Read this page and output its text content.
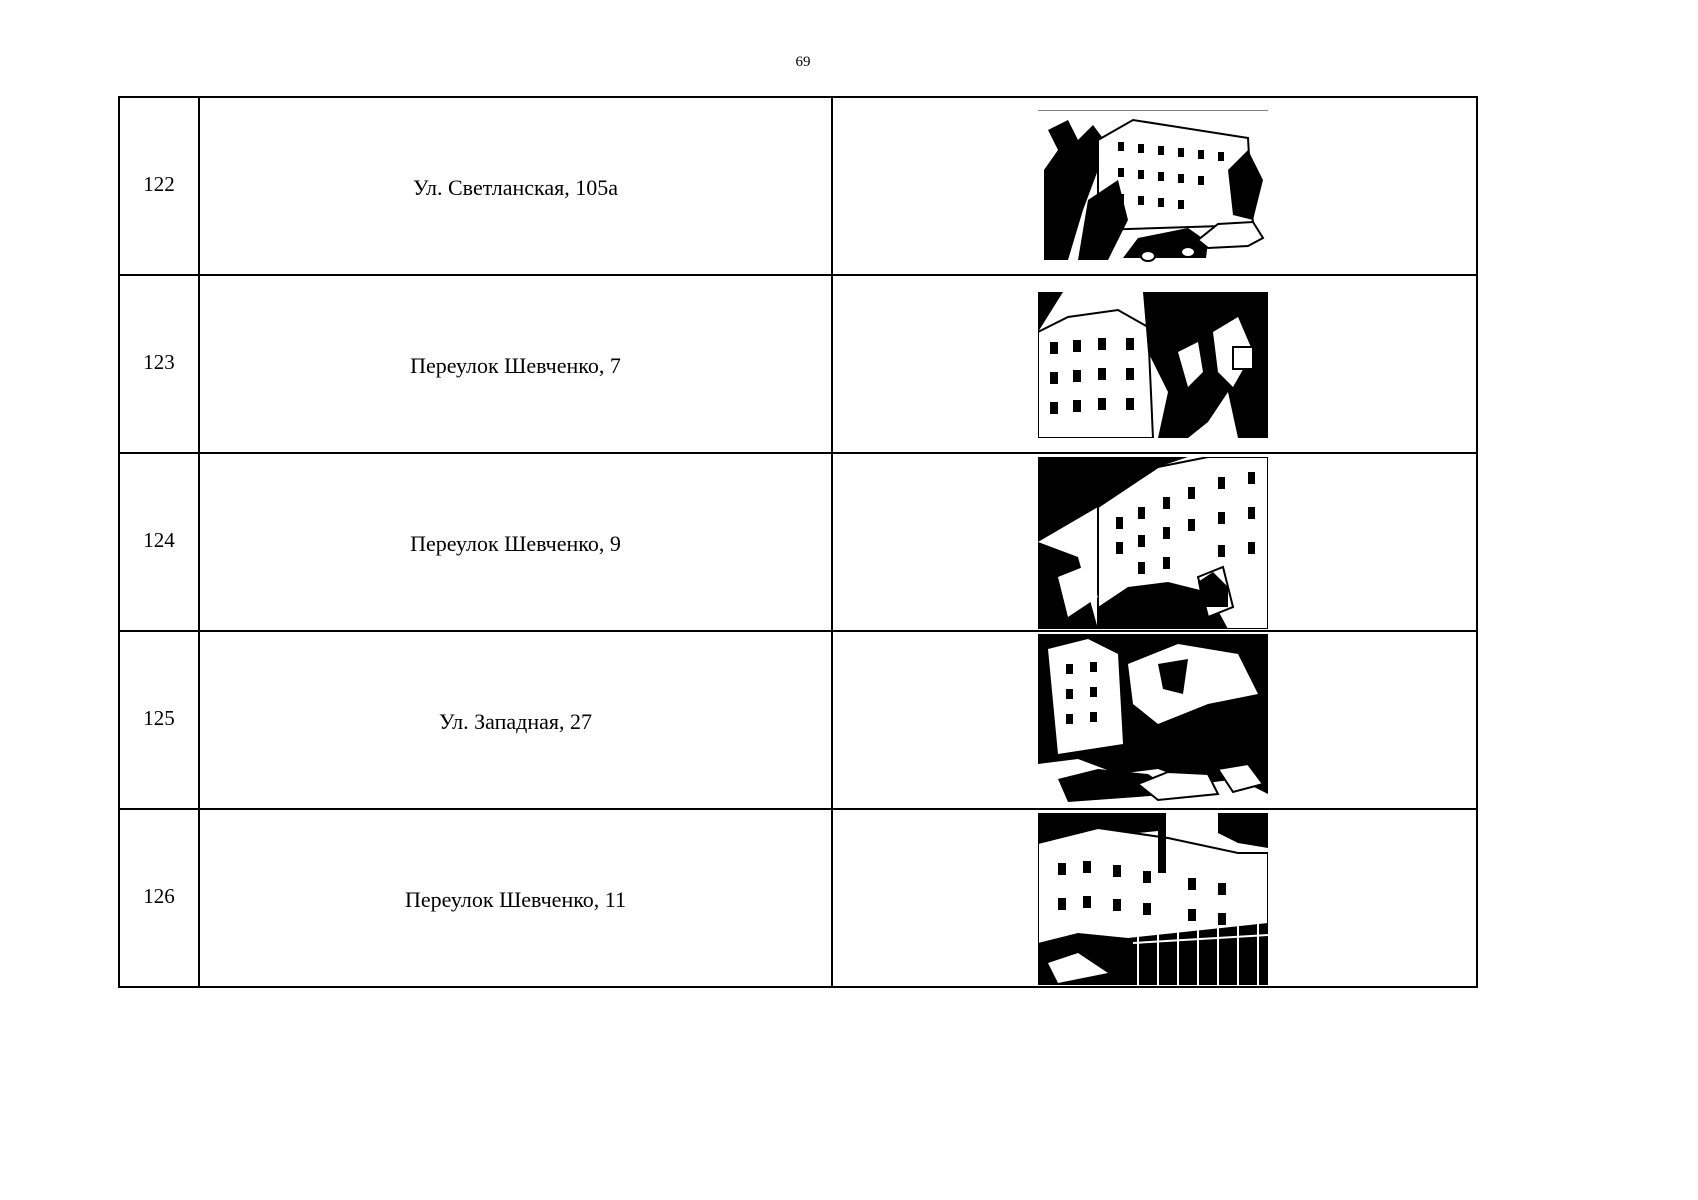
69
122	Ул. Светланская, 105а	

123	Переулок Шевченко, 7	

124	Переулок Шевченко, 9	

125	Ул. Западная, 27	

126	Переулок Шевченко, 11	
